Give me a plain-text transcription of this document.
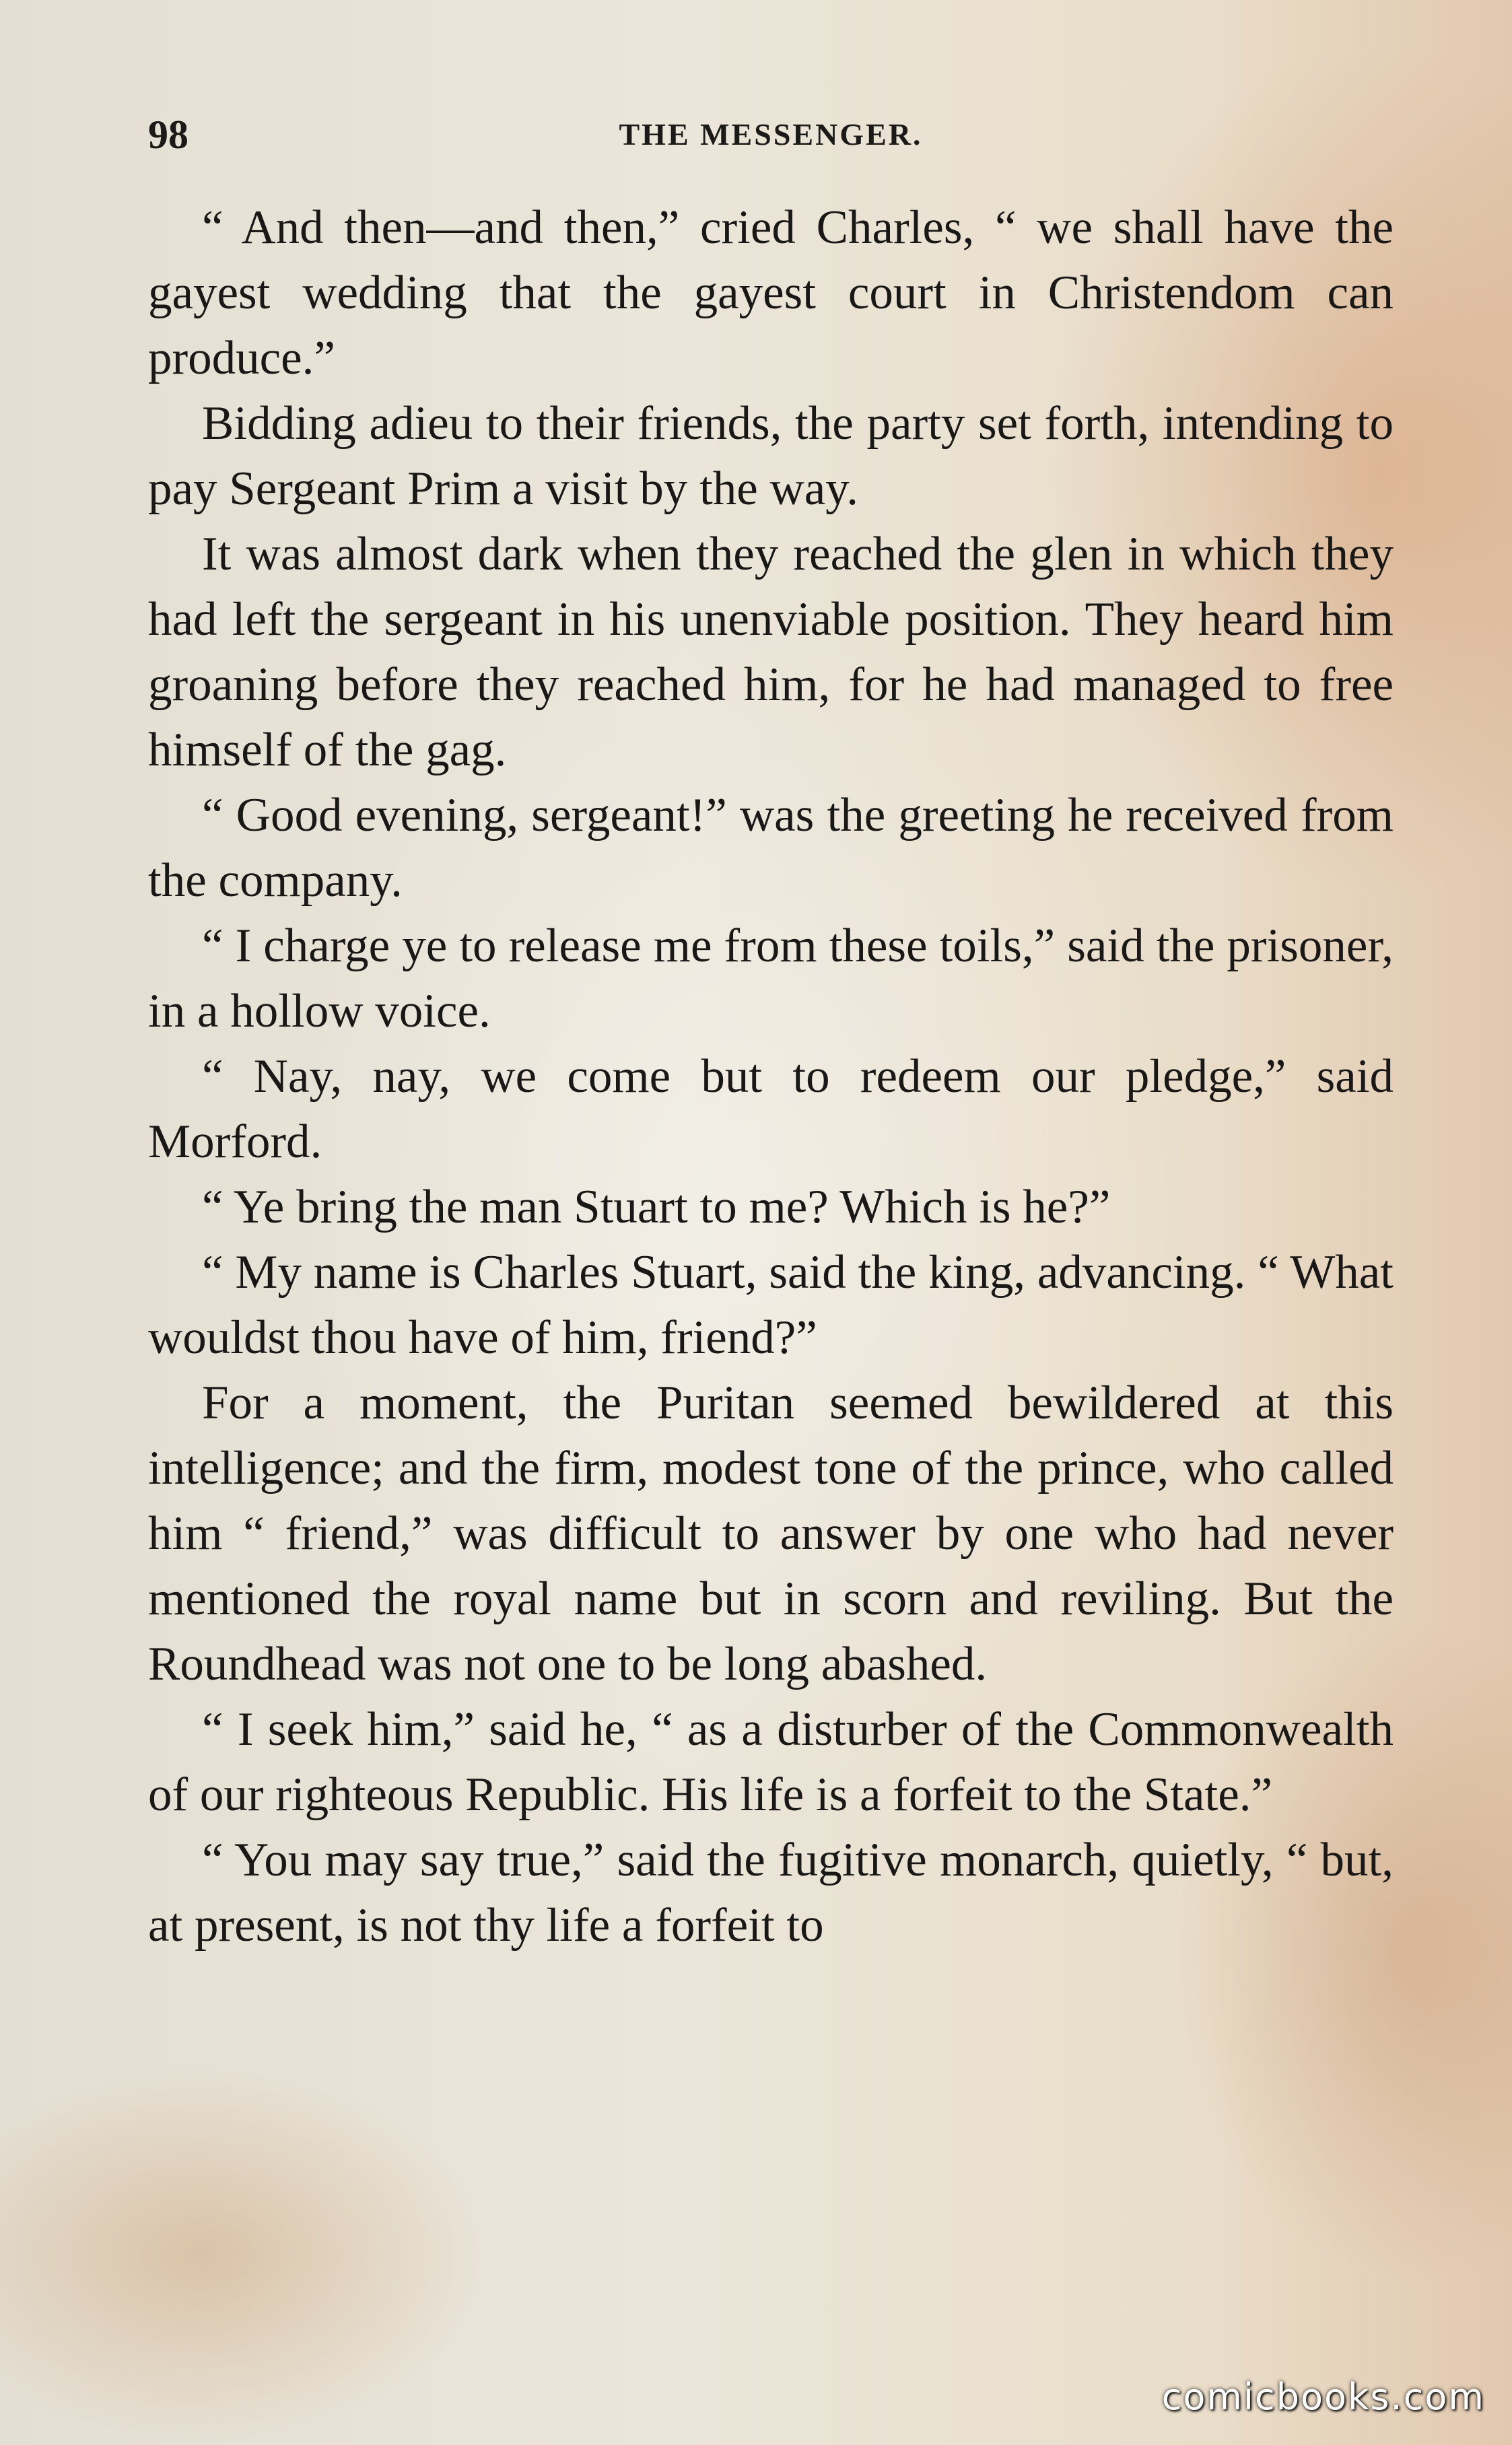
98	THE MESSENGER.

“ And then—and then,” cried Charles, “ we shall have the gayest wedding that the gayest court in Christendom can produce.”

Bidding adieu to their friends, the party set forth, intending to pay Sergeant Prim a visit by the way.

It was almost dark when they reached the glen in which they had left the sergeant in his unenviable position. They heard him groaning before they reached him, for he had managed to free himself of the gag.

“ Good evening, sergeant!” was the greeting he received from the company.

“ I charge ye to release me from these toils,” said the prisoner, in a hollow voice.

“ Nay, nay, we come but to redeem our pledge,” said Morford.

“ Ye bring the man Stuart to me? Which is he?”

“ My name is Charles Stuart, said the king, advancing. “ What wouldst thou have of him, friend?”

For a moment, the Puritan seemed bewildered at this intelligence; and the firm, modest tone of the prince, who called him “ friend,” was difficult to answer by one who had never mentioned the royal name but in scorn and reviling. But the Roundhead was not one to be long abashed.

“ I seek him,” said he, “ as a disturber of the Commonwealth of our righteous Republic. His life is a forfeit to the State.”

“ You may say true,” said the fugitive monarch, quietly, “ but, at present, is not thy life a forfeit to

comicbooks.com
